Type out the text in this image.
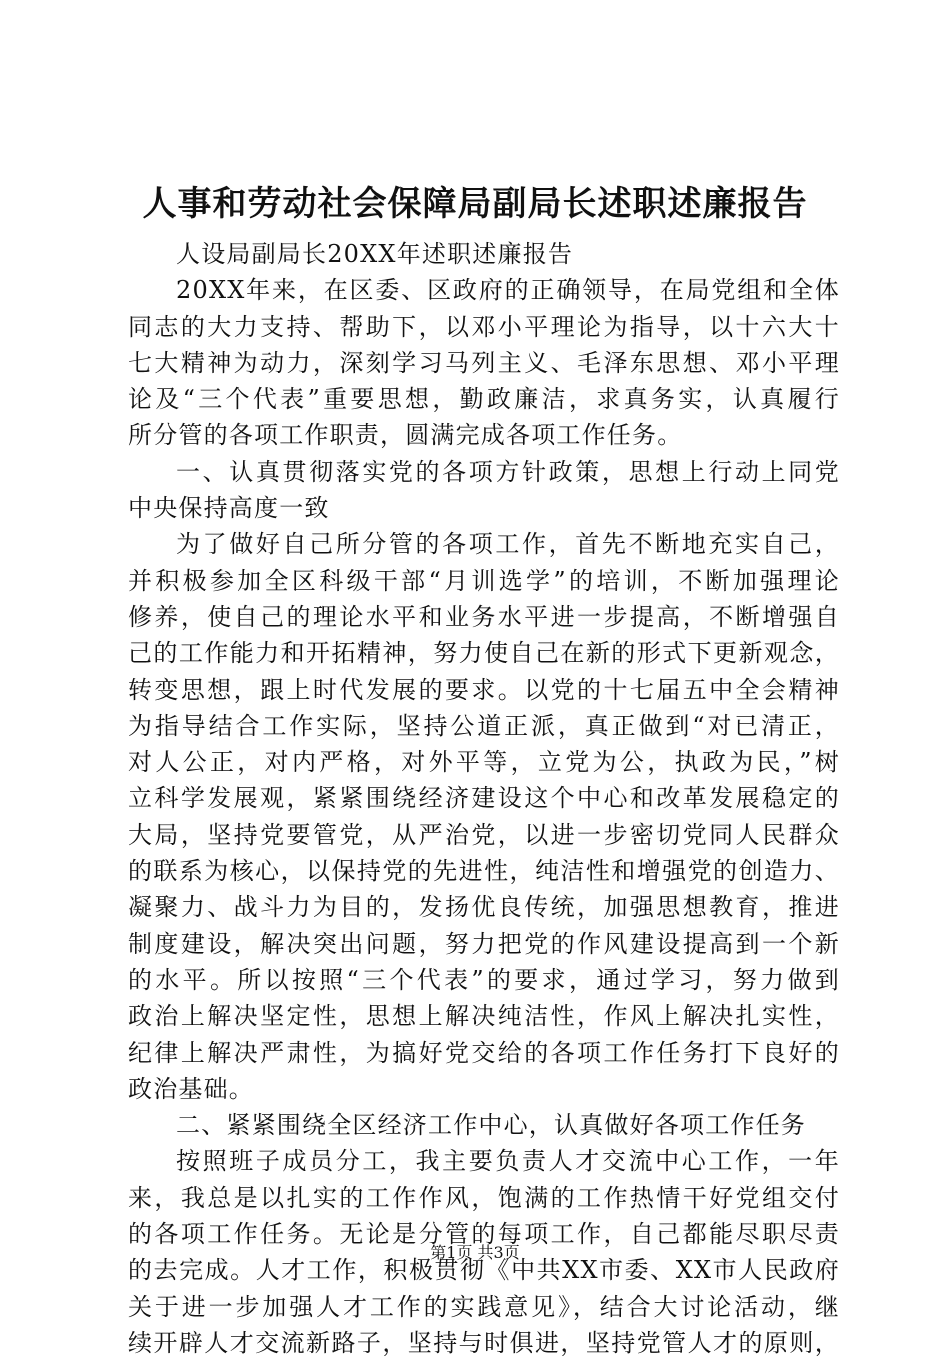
人事和劳动社会保障局副局长述职述廉报告
人设局副局长20XX年述职述廉报告
20XX年来，在区委、区政府的正确领导，在局党组和全体
同志的大力支持、帮助下，以邓小平理论为指导，以十六大十
七大精神为动力，深刻学习马列主义、毛泽东思想、邓小平理
论及“三个代表”重要思想，勤政廉洁，求真务实，认真履行
所分管的各项工作职责，圆满完成各项工作任务。
一、认真贯彻落实党的各项方针政策，思想上行动上同党
中央保持高度一致
为了做好自己所分管的各项工作，首先不断地充实自己，
并积极参加全区科级干部“月训选学”的培训，不断加强理论
修养，使自己的理论水平和业务水平进一步提高，不断增强自
己的工作能力和开拓精神，努力使自己在新的形式下更新观念，
转变思想，跟上时代发展的要求。以党的十七届五中全会精神
为指导结合工作实际，坚持公道正派，真正做到“对已清正，
对人公正，对内严格，对外平等，立党为公，执政为民，”树
立科学发展观，紧紧围绕经济建设这个中心和改革发展稳定的
大局，坚持党要管党，从严治党，以进一步密切党同人民群众
的联系为核心，以保持党的先进性，纯洁性和增强党的创造力、
凝聚力、战斗力为目的，发扬优良传统，加强思想教育，推进
制度建设，解决突出问题，努力把党的作风建设提高到一个新
的水平。所以按照“三个代表”的要求，通过学习，努力做到
政治上解决坚定性，思想上解决纯洁性，作风上解决扎实性，
纪律上解决严肃性，为搞好党交给的各项工作任务打下良好的
政治基础。
二、紧紧围绕全区经济工作中心，认真做好各项工作任务
按照班子成员分工，我主要负责人才交流中心工作，一年
来，我总是以扎实的工作作风，饱满的工作热情干好党组交付
的各项工作任务。无论是分管的每项工作，自己都能尽职尽责
的去完成。人才工作，积极贯彻《中共XX市委、XX市人民政府
关于进一步加强人才工作的实践意见》，结合大讨论活动，继
续开辟人才交流新路子，坚持与时俱进，坚持党管人才的原则，
第1页 共3页
